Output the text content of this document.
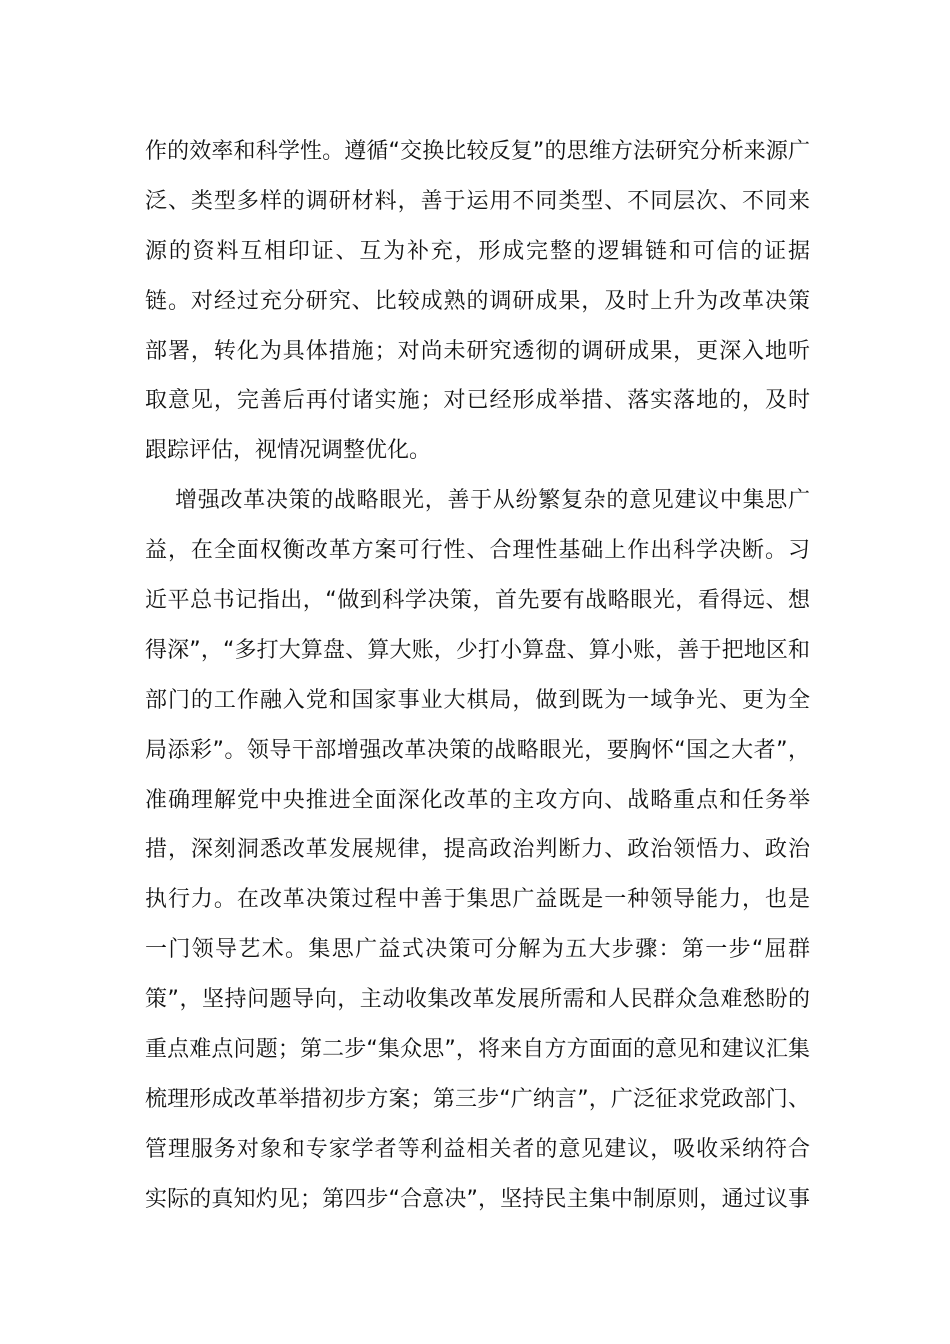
作的效率和科学性。遵循“交换比较反复”的思维方法研究分析来源广
泛、类型多样的调研材料，善于运用不同类型、不同层次、不同来
源的资料互相印证、互为补充，形成完整的逻辑链和可信的证据
链。对经过充分研究、比较成熟的调研成果，及时上升为改革决策
部署，转化为具体措施；对尚未研究透彻的调研成果，更深入地听
取意见，完善后再付诸实施；对已经形成举措、落实落地的，及时
跟踪评估，视情况调整优化。
增强改革决策的战略眼光，善于从纷繁复杂的意见建议中集思广
益，在全面权衡改革方案可行性、合理性基础上作出科学决断。习
近平总书记指出，“做到科学决策，首先要有战略眼光，看得远、想
得深”，“多打大算盘、算大账，少打小算盘、算小账，善于把地区和
部门的工作融入党和国家事业大棋局，做到既为一域争光、更为全
局添彩”。领导干部增强改革决策的战略眼光，要胸怀“国之大者”，
准确理解党中央推进全面深化改革的主攻方向、战略重点和任务举
措，深刻洞悉改革发展规律，提高政治判断力、政治领悟力、政治
执行力。在改革决策过程中善于集思广益既是一种领导能力，也是
一门领导艺术。集思广益式决策可分解为五大步骤：第一步“屈群
策”，坚持问题导向，主动收集改革发展所需和人民群众急难愁盼的
重点难点问题；第二步“集众思”，将来自方方面面的意见和建议汇集
梳理形成改革举措初步方案；第三步“广纳言”，广泛征求党政部门、
管理服务对象和专家学者等利益相关者的意见建议，吸收采纳符合
实际的真知灼见；第四步“合意决”，坚持民主集中制原则，通过议事
